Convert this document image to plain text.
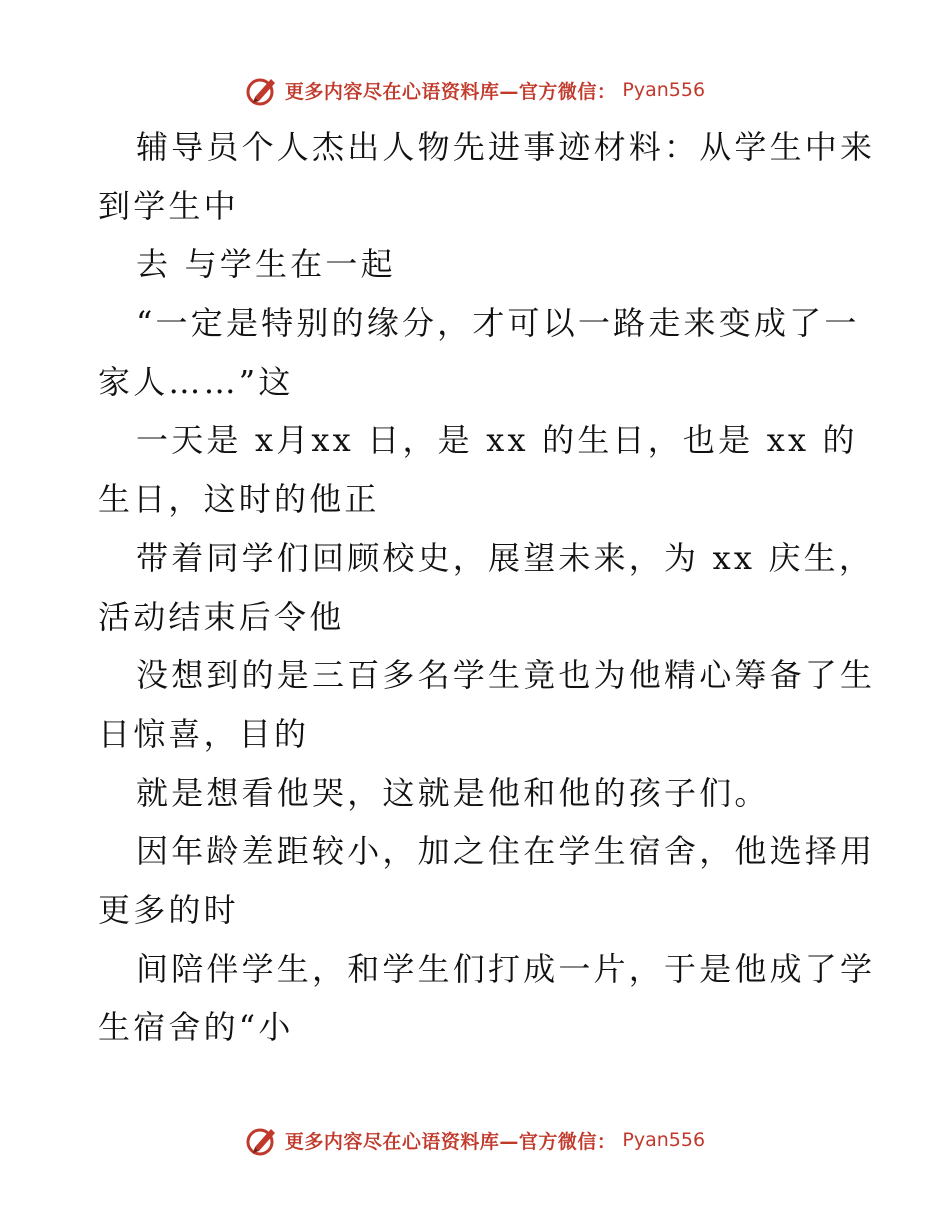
更多内容尽在心语资料库—官方微信： Pyan556
辅导员个人杰出人物先进事迹材料：从学生中来
到学生中
去 与学生在一起
“一定是特别的缘分，才可以一路走来变成了一
家人……”这
一天是 x月xx 日，是 xx 的生日，也是 xx 的
生日，这时的他正
带着同学们回顾校史，展望未来，为 xx 庆生，
活动结束后令他
没想到的是三百多名学生竟也为他精心筹备了生
日惊喜，目的
就是想看他哭，这就是他和他的孩子们。
因年龄差距较小，加之住在学生宿舍，他选择用
更多的时
间陪伴学生，和学生们打成一片，于是他成了学
生宿舍的“小
更多内容尽在心语资料库—官方微信： Pyan556
